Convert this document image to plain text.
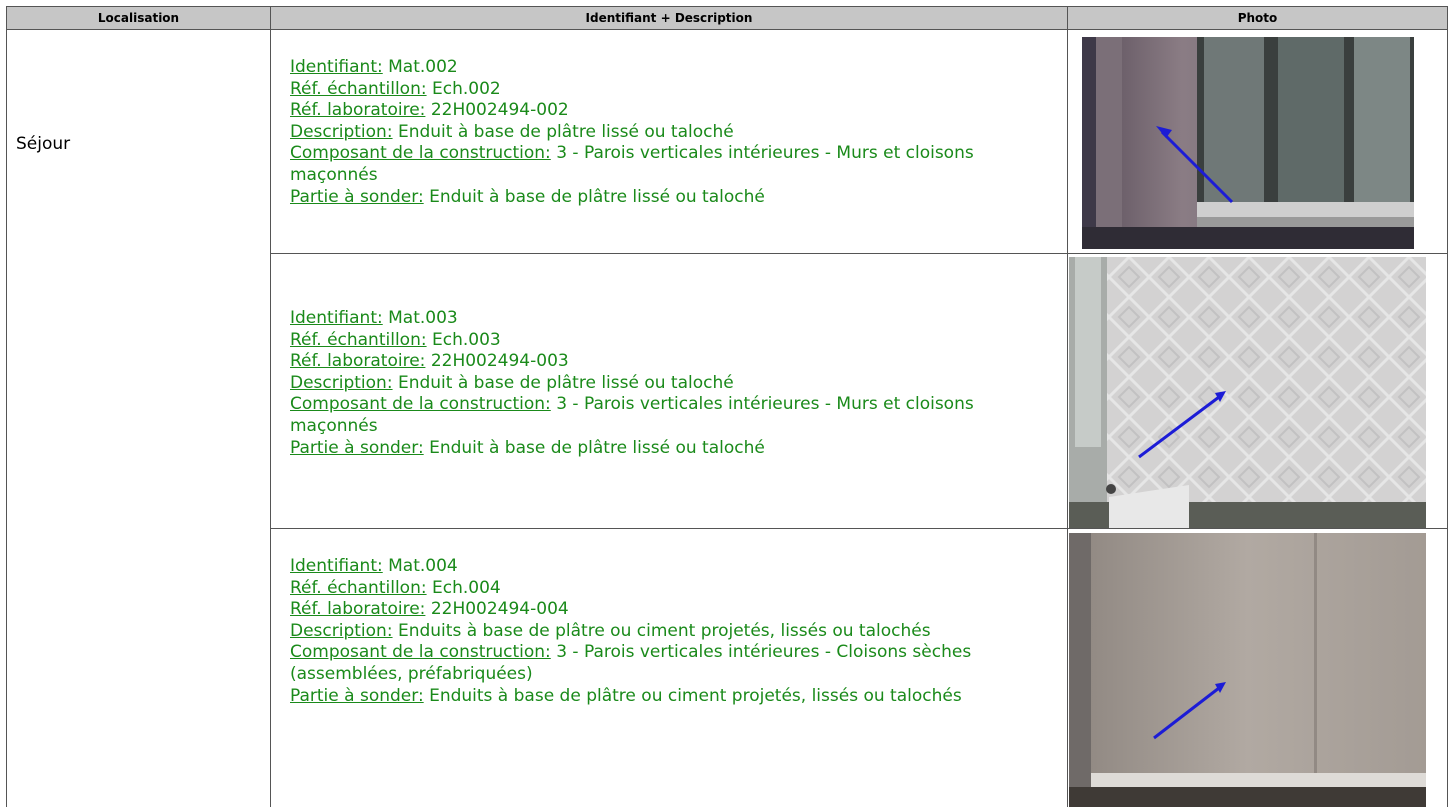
Localisation	Identifiant + Description	Photo
Séjour
Identifiant: Mat.002
Réf. échantillon: Ech.002
Réf. laboratoire: 22H002494-002
Description: Enduit à base de plâtre lissé ou taloché
Composant de la construction: 3 - Parois verticales intérieures - Murs et cloisons maçonnés
Partie à sonder: Enduit à base de plâtre lissé ou taloché
Identifiant: Mat.003
Réf. échantillon: Ech.003
Réf. laboratoire: 22H002494-003
Description: Enduit à base de plâtre lissé ou taloché
Composant de la construction: 3 - Parois verticales intérieures - Murs et cloisons maçonnés
Partie à sonder: Enduit à base de plâtre lissé ou taloché
Identifiant: Mat.004
Réf. échantillon: Ech.004
Réf. laboratoire: 22H002494-004
Description: Enduits à base de plâtre ou ciment projetés, lissés ou talochés
Composant de la construction: 3 - Parois verticales intérieures - Cloisons sèches (assemblées, préfabriquées)
Partie à sonder: Enduits à base de plâtre ou ciment projetés, lissés ou talochés
